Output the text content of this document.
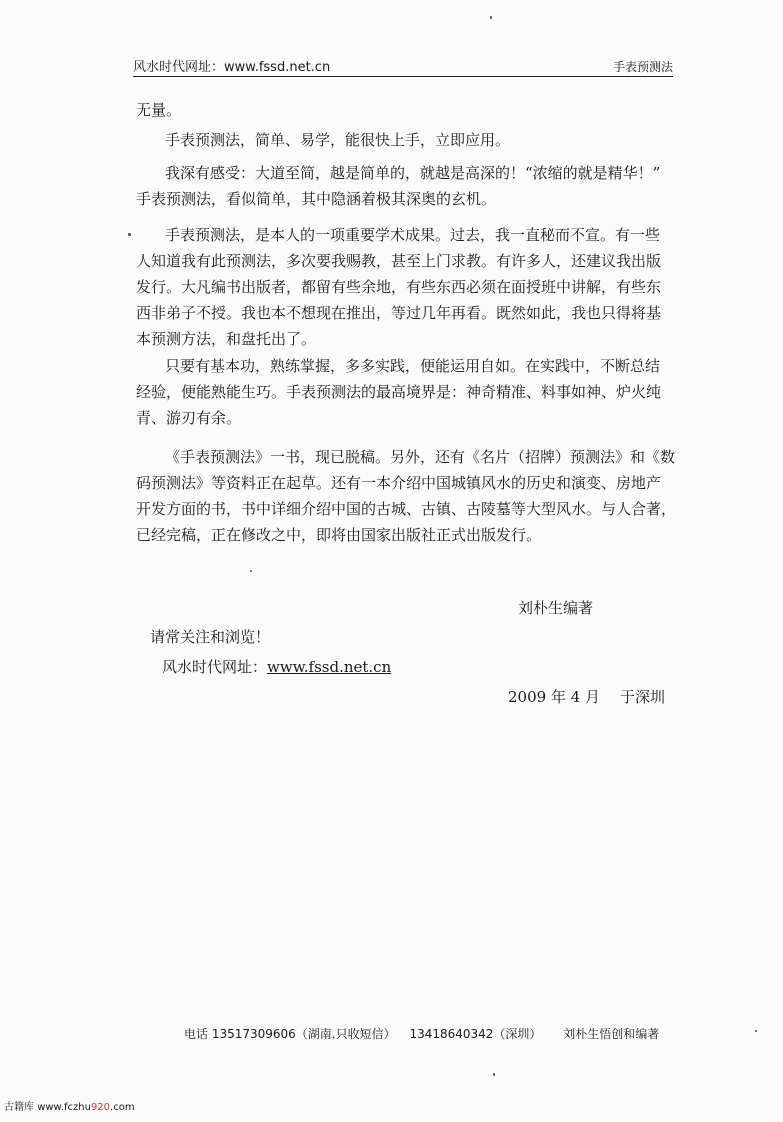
风水时代网址：www.fssd.net.cn	手表预测法

无量。

手表预测法，简单、易学，能很快上手，立即应用。

我深有感受：大道至简，越是简单的，就越是高深的！“浓缩的就是精华！”
手表预测法，看似简单，其中隐涵着极其深奥的玄机。

手表预测法，是本人的一项重要学术成果。过去，我一直秘而不宣。有一些
人知道我有此预测法，多次要我赐教，甚至上门求教。有许多人，还建议我出版
发行。大凡编书出版者，都留有些余地，有些东西必须在面授班中讲解，有些东
西非弟子不授。我也本不想现在推出，等过几年再看。既然如此，我也只得将基
本预测方法，和盘托出了。

只要有基本功，熟练掌握，多多实践，便能运用自如。在实践中，不断总结
经验，便能熟能生巧。手表预测法的最高境界是：神奇精准、料事如神、炉火纯
青、游刃有余。

《手表预测法》一书，现已脱稿。另外，还有《名片（招牌）预测法》和《数
码预测法》等资料正在起草。还有一本介绍中国城镇风水的历史和演变、房地产
开发方面的书，书中详细介绍中国的古城、古镇、古陵墓等大型风水。与人合著，
已经完稿，正在修改之中，即将由国家出版社正式出版发行。

刘朴生编著
请常关注和浏览！
风水时代网址：www.fssd.net.cn
2009 年 4 月 于深圳
电话 13517309606（湖南.只收短信） 13418640342（深圳） 刘朴生悟创和编著
古籍库 www.fczhu920.com
